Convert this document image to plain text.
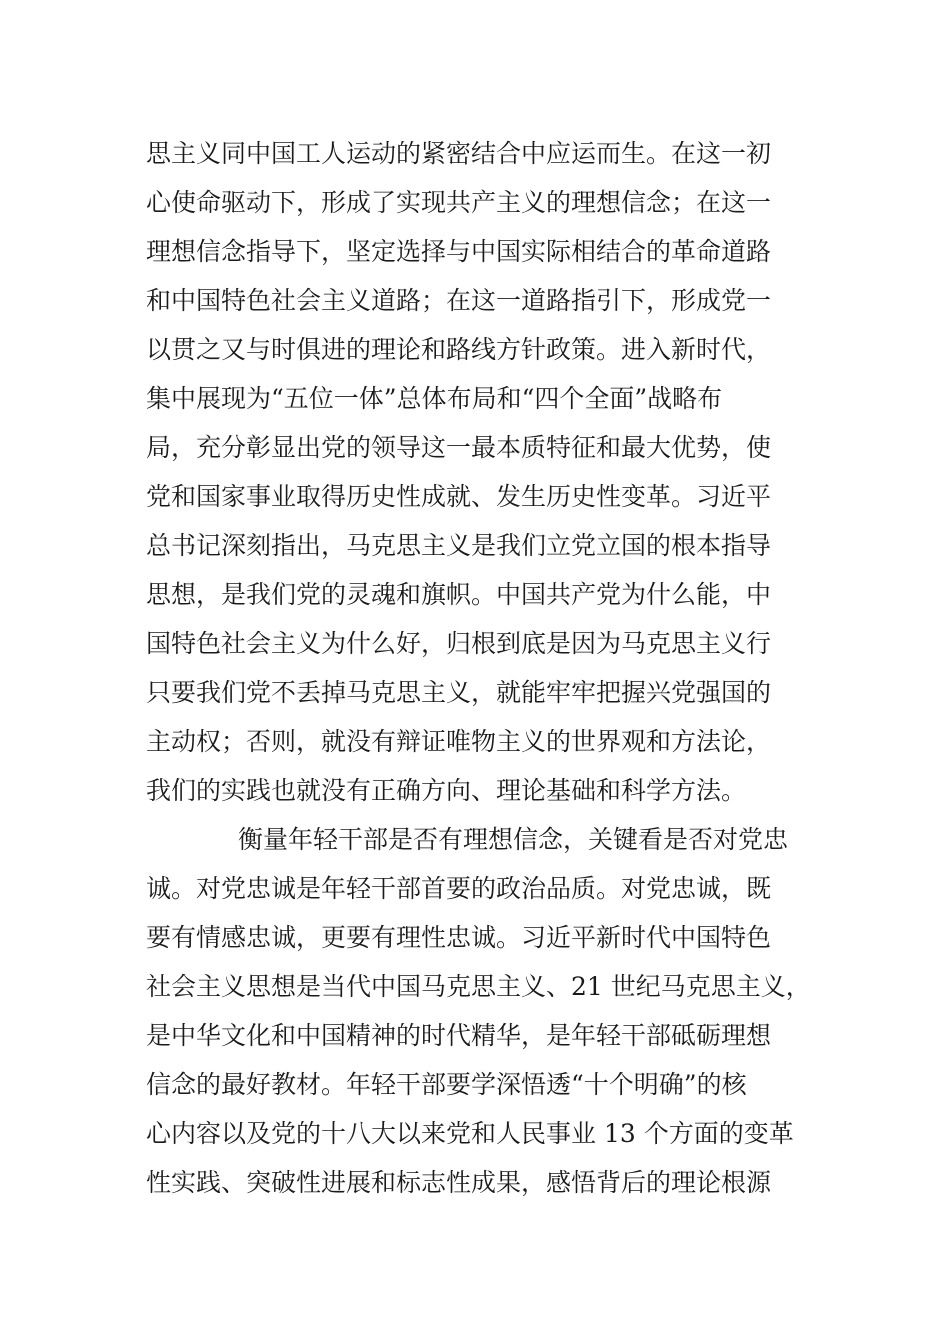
思主义同中国工人运动的紧密结合中应运而生。在这一初
心使命驱动下，形成了实现共产主义的理想信念；在这一
理想信念指导下，坚定选择与中国实际相结合的革命道路
和中国特色社会主义道路；在这一道路指引下，形成党一
以贯之又与时俱进的理论和路线方针政策。进入新时代，
集中展现为“五位一体”总体布局和“四个全面”战略布
局，充分彰显出党的领导这一最本质特征和最大优势，使
党和国家事业取得历史性成就、发生历史性变革。习近平
总书记深刻指出，马克思主义是我们立党立国的根本指导
思想，是我们党的灵魂和旗帜。中国共产党为什么能，中
国特色社会主义为什么好，归根到底是因为马克思主义行
只要我们党不丢掉马克思主义，就能牢牢把握兴党强国的
主动权；否则，就没有辩证唯物主义的世界观和方法论，
我们的实践也就没有正确方向、理论基础和科学方法。
衡量年轻干部是否有理想信念，关键看是否对党忠
诚。对党忠诚是年轻干部首要的政治品质。对党忠诚，既
要有情感忠诚，更要有理性忠诚。习近平新时代中国特色
社会主义思想是当代中国马克思主义、21 世纪马克思主义，
是中华文化和中国精神的时代精华，是年轻干部砥砺理想
信念的最好教材。年轻干部要学深悟透“十个明确”的核
心内容以及党的十八大以来党和人民事业 13 个方面的变革
性实践、突破性进展和标志性成果，感悟背后的理论根源
